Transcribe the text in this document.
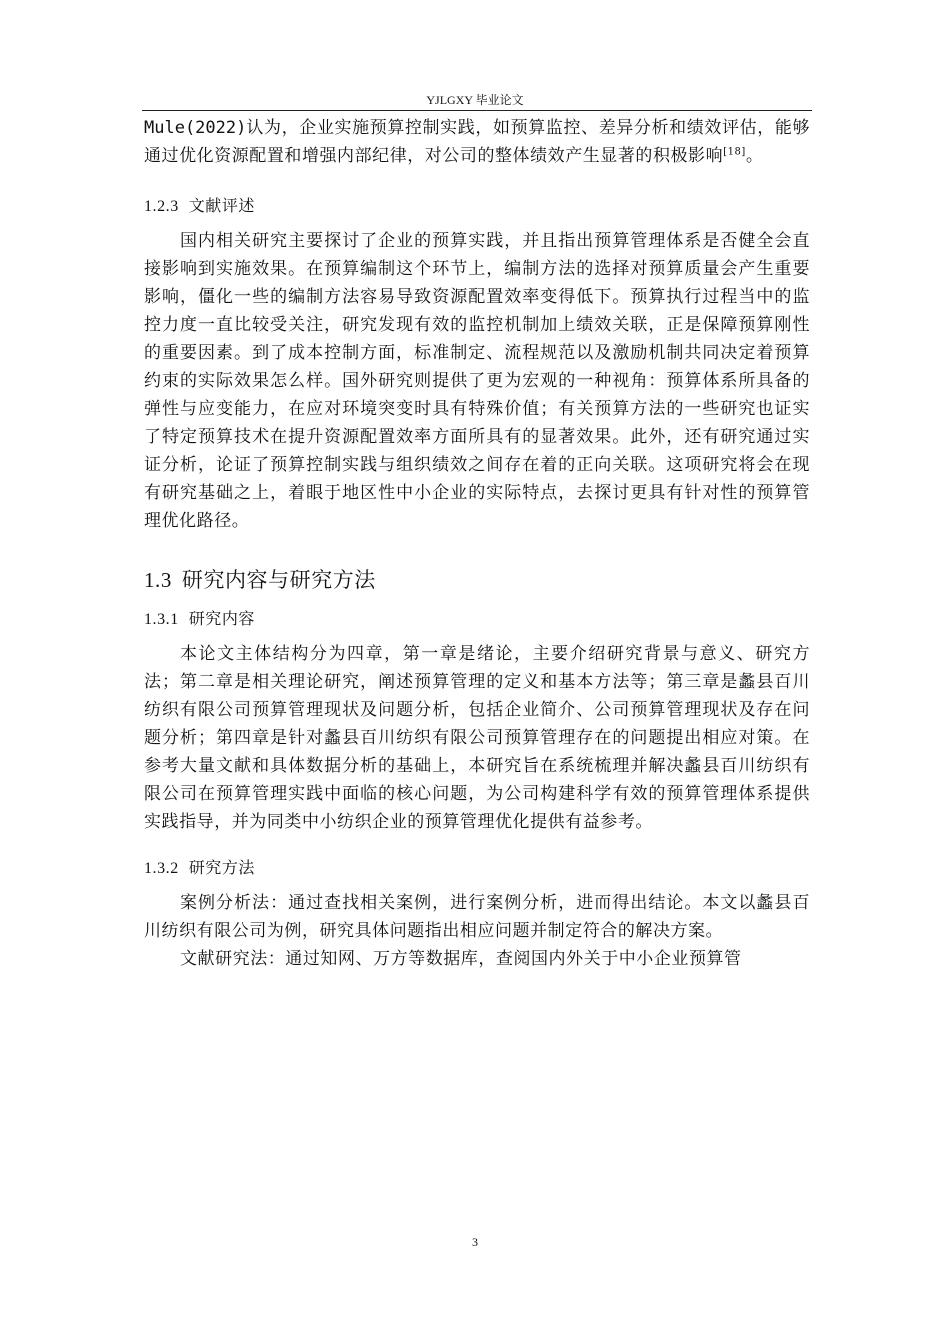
YJLGXY 毕业论文

Mule(2022)认为，企业实施预算控制实践，如预算监控、差异分析和绩效评估，能够通过优化资源配置和增强内部纪律，对公司的整体绩效产生显著的积极影响[18]。

1.2.3 文献评述

国内相关研究主要探讨了企业的预算实践，并且指出预算管理体系是否健全会直接影响到实施效果。在预算编制这个环节上，编制方法的选择对预算质量会产生重要影响，僵化一些的编制方法容易导致资源配置效率变得低下。预算执行过程当中的监控力度一直比较受关注，研究发现有效的监控机制加上绩效关联，正是保障预算刚性的重要因素。到了成本控制方面，标准制定、流程规范以及激励机制共同决定着预算约束的实际效果怎么样。国外研究则提供了更为宏观的一种视角：预算体系所具备的弹性与应变能力，在应对环境突变时具有特殊价值；有关预算方法的一些研究也证实了特定预算技术在提升资源配置效率方面所具有的显著效果。此外，还有研究通过实证分析，论证了预算控制实践与组织绩效之间存在着的正向关联。这项研究将会在现有研究基础之上，着眼于地区性中小企业的实际特点，去探讨更具有针对性的预算管理优化路径。

1.3 研究内容与研究方法
1.3.1 研究内容

本论文主体结构分为四章，第一章是绪论，主要介绍研究背景与意义、研究方法；第二章是相关理论研究，阐述预算管理的定义和基本方法等；第三章是蠡县百川纺织有限公司预算管理现状及问题分析，包括企业简介、公司预算管理现状及存在问题分析；第四章是针对蠡县百川纺织有限公司预算管理存在的问题提出相应对策。在参考大量文献和具体数据分析的基础上，本研究旨在系统梳理并解决蠡县百川纺织有限公司在预算管理实践中面临的核心问题，为公司构建科学有效的预算管理体系提供实践指导，并为同类中小纺织企业的预算管理优化提供有益参考。

1.3.2 研究方法

案例分析法：通过查找相关案例，进行案例分析，进而得出结论。本文以蠡县百川纺织有限公司为例，研究具体问题指出相应问题并制定符合的解决方案。

文献研究法：通过知网、万方等数据库，查阅国内外关于中小企业预算管

3
